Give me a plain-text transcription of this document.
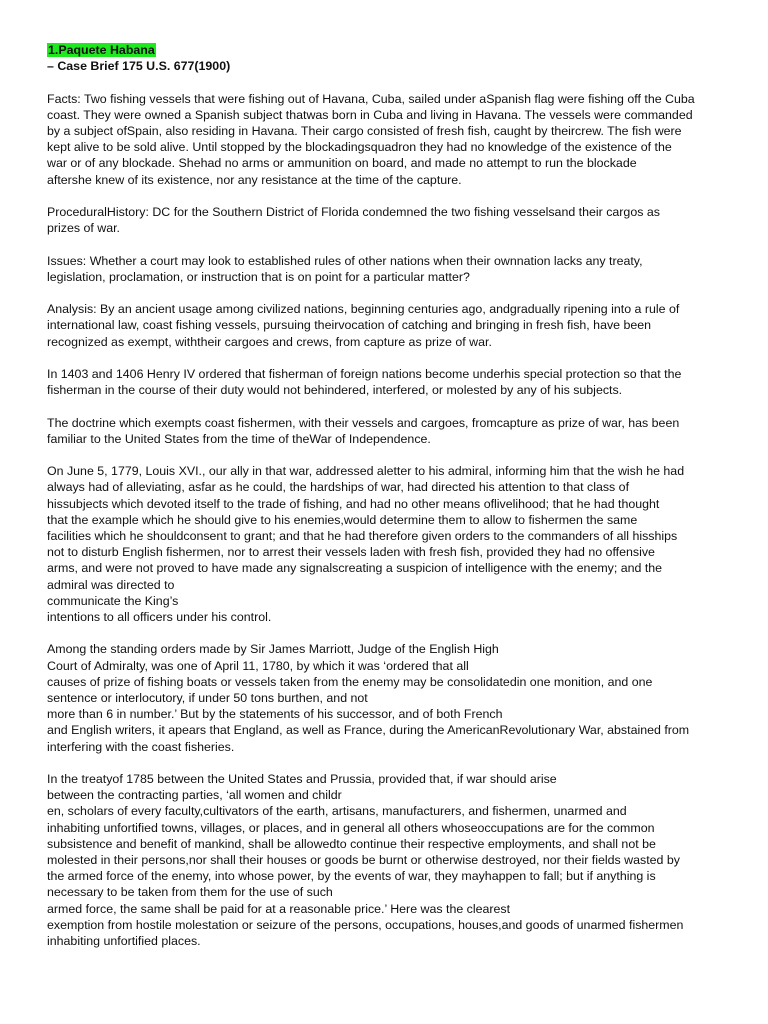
1.Paquete Habana
– Case Brief 175 U.S. 677(1900)
Facts: Two fishing vessels that were fishing out of Havana, Cuba, sailed under aSpanish flag were fishing off the Cuba
coast. They were owned a Spanish subject thatwas born in Cuba and living in Havana. The vessels were commanded
by a subject ofSpain, also residing in Havana. Their cargo consisted of fresh fish, caught by theircrew. The fish were
kept alive to be sold alive. Until stopped by the blockadingsquadron they had no knowledge of the existence of the
war or of any blockade. Shehad no arms or ammunition on board, and made no attempt to run the blockade
aftershe knew of its existence, nor any resistance at the time of the capture.
ProceduralHistory: DC for the Southern District of Florida condemned the two fishing vesselsand their cargos as
prizes of war.
Issues: Whether a court may look to established rules of other nations when their ownnation lacks any treaty,
legislation, proclamation, or instruction that is on point for a particular matter?
Analysis: By an ancient usage among civilized nations, beginning centuries ago, andgradually ripening into a rule of
international law, coast fishing vessels, pursuing theirvocation of catching and bringing in fresh fish, have been
recognized as exempt, withtheir cargoes and crews, from capture as prize of war.
In 1403 and 1406 Henry IV ordered that fisherman of foreign nations become underhis special protection so that the
fisherman in the course of their duty would not behindered, interfered, or molested by any of his subjects.
The doctrine which exempts coast fishermen, with their vessels and cargoes, fromcapture as prize of war, has been
familiar to the United States from the time of theWar of Independence.
On June 5, 1779, Louis XVI., our ally in that war, addressed aletter to his admiral, informing him that the wish he had
always had of alleviating, asfar as he could, the hardships of war, had directed his attention to that class of
hissubjects which devoted itself to the trade of fishing, and had no other means oflivelihood; that he had thought
that the example which he should give to his enemies,would determine them to allow to fishermen the same
facilities which he shouldconsent to grant; and that he had therefore given orders to the commanders of all hisships
not to disturb English fishermen, nor to arrest their vessels laden with fresh fish, provided they had no offensive
arms, and were not proved to have made any signalscreating a suspicion of intelligence with the enemy; and the
admiral was directed to
communicate the King’s
intentions to all officers under his control.
Among the standing orders made by Sir James Marriott, Judge of the English High
Court of Admiralty, was one of April 11, 1780, by which it was ‘ordered that all
causes of prize of fishing boats or vessels taken from the enemy may be consolidatedin one monition, and one
sentence or interlocutory, if under 50 tons burthen, and not
more than 6 in number.’ But by the statements of his successor, and of both French
and English writers, it apears that England, as well as France, during the AmericanRevolutionary War, abstained from
interfering with the coast fisheries.
In the treatyof 1785 between the United States and Prussia, provided that, if war should arise
between the contracting parties, ‘all women and childr
en, scholars of every faculty,cultivators of the earth, artisans, manufacturers, and fishermen, unarmed and
inhabiting unfortified towns, villages, or places, and in general all others whoseoccupations are for the common
subsistence and benefit of mankind, shall be allowedto continue their respective employments, and shall not be
molested in their persons,nor shall their houses or goods be burnt or otherwise destroyed, nor their fields wasted by
the armed force of the enemy, into whose power, by the events of war, they mayhappen to fall; but if anything is
necessary to be taken from them for the use of such
armed force, the same shall be paid for at a reasonable price.’ Here was the clearest
exemption from hostile molestation or seizure of the persons, occupations, houses,and goods of unarmed fishermen
inhabiting unfortified places.
